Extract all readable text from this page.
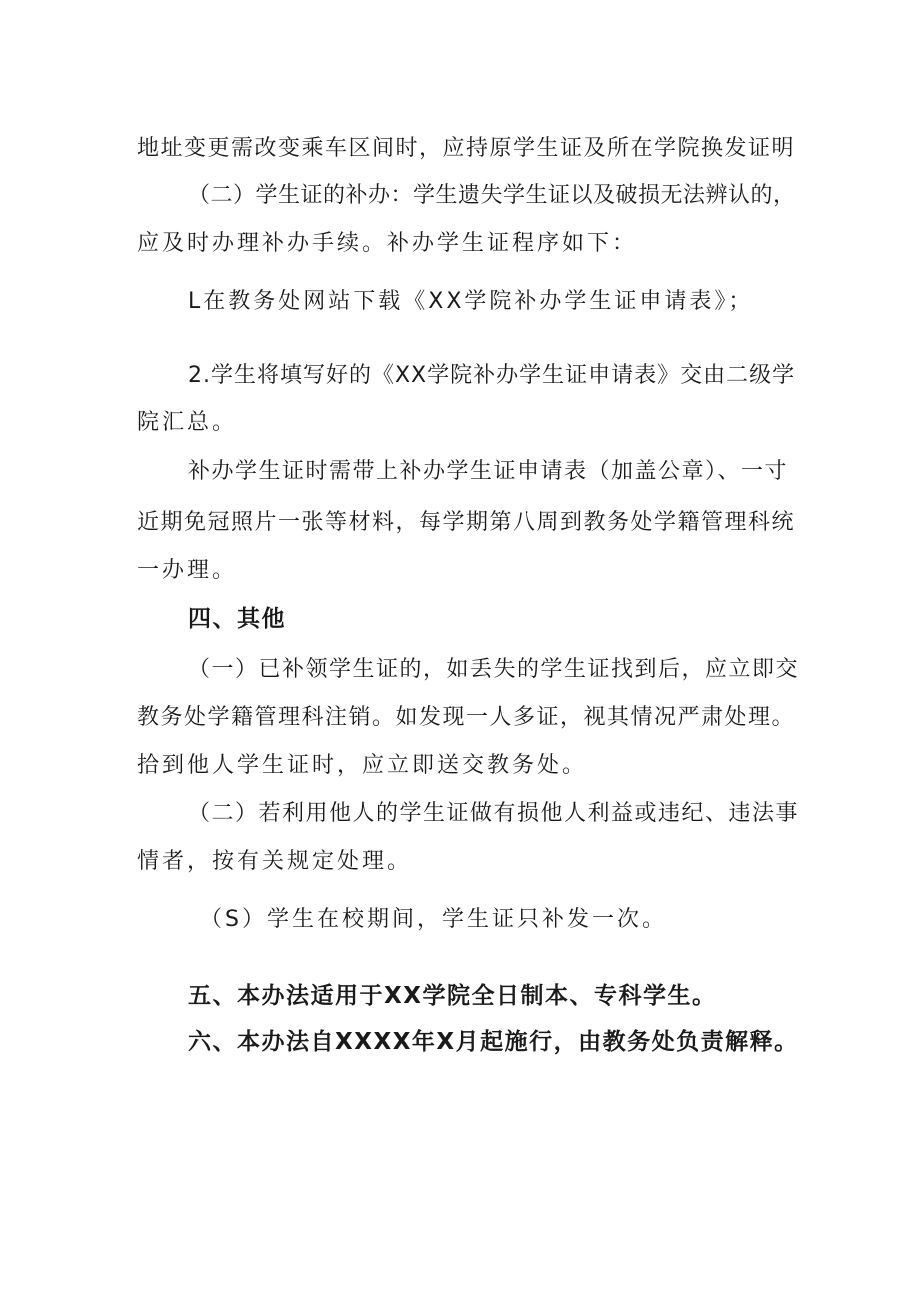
地址变更需改变乘车区间时，应持原学生证及所在学院换发证明

（二）学生证的补办：学生遗失学生证以及破损无法辨认的，

应及时办理补办手续。补办学生证程序如下：

L在教务处网站下载《XX学院补办学生证申请表》；

2.学生将填写好的《XX学院补办学生证申请表》交由二级学

院汇总。

补办学生证时需带上补办学生证申请表（加盖公章）、一寸

近期免冠照片一张等材料，每学期第八周到教务处学籍管理科统

一办理。

四、其他

（一）已补领学生证的，如丢失的学生证找到后，应立即交

教务处学籍管理科注销。如发现一人多证，视其情况严肃处理。

拾到他人学生证时，应立即送交教务处。

（二）若利用他人的学生证做有损他人利益或违纪、违法事

情者，按有关规定处理。

（S）学生在校期间，学生证只补发一次。

五、本办法适用于XX学院全日制本、专科学生。

六、本办法自XXXX年X月起施行，由教务处负责解释。
